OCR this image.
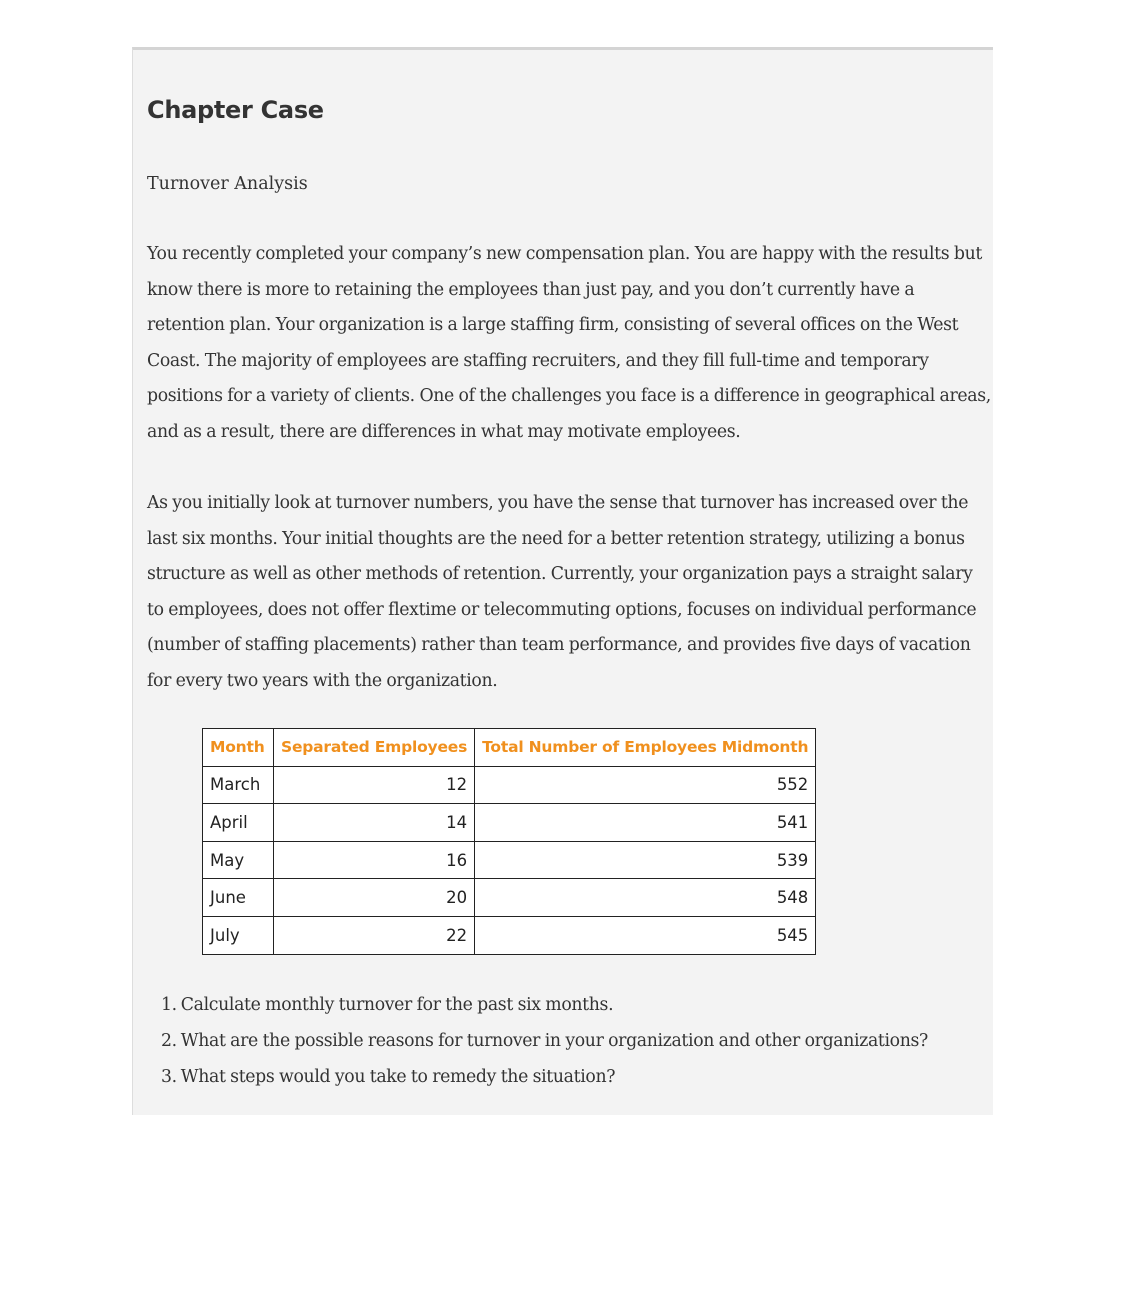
Chapter Case

Turnover Analysis

You recently completed your company’s new compensation plan. You are happy with the results but know there is more to retaining the employees than just pay, and you don’t currently have a retention plan. Your organization is a large staffing firm, consisting of several offices on the West Coast. The majority of employees are staffing recruiters, and they fill full-time and temporary positions for a variety of clients. One of the challenges you face is a difference in geographical areas, and as a result, there are differences in what may motivate employees.

As you initially look at turnover numbers, you have the sense that turnover has increased over the last six months. Your initial thoughts are the need for a better retention strategy, utilizing a bonus structure as well as other methods of retention. Currently, your organization pays a straight salary to employees, does not offer flextime or telecommuting options, focuses on individual performance (number of staffing placements) rather than team performance, and provides five days of vacation for every two years with the organization.

Month	Separated Employees	Total Number of Employees Midmonth
March	12	552
April	14	541
May	16	539
June	20	548
July	22	545
1. Calculate monthly turnover for the past six months.
2. What are the possible reasons for turnover in your organization and other organizations?
3. What steps would you take to remedy the situation?
